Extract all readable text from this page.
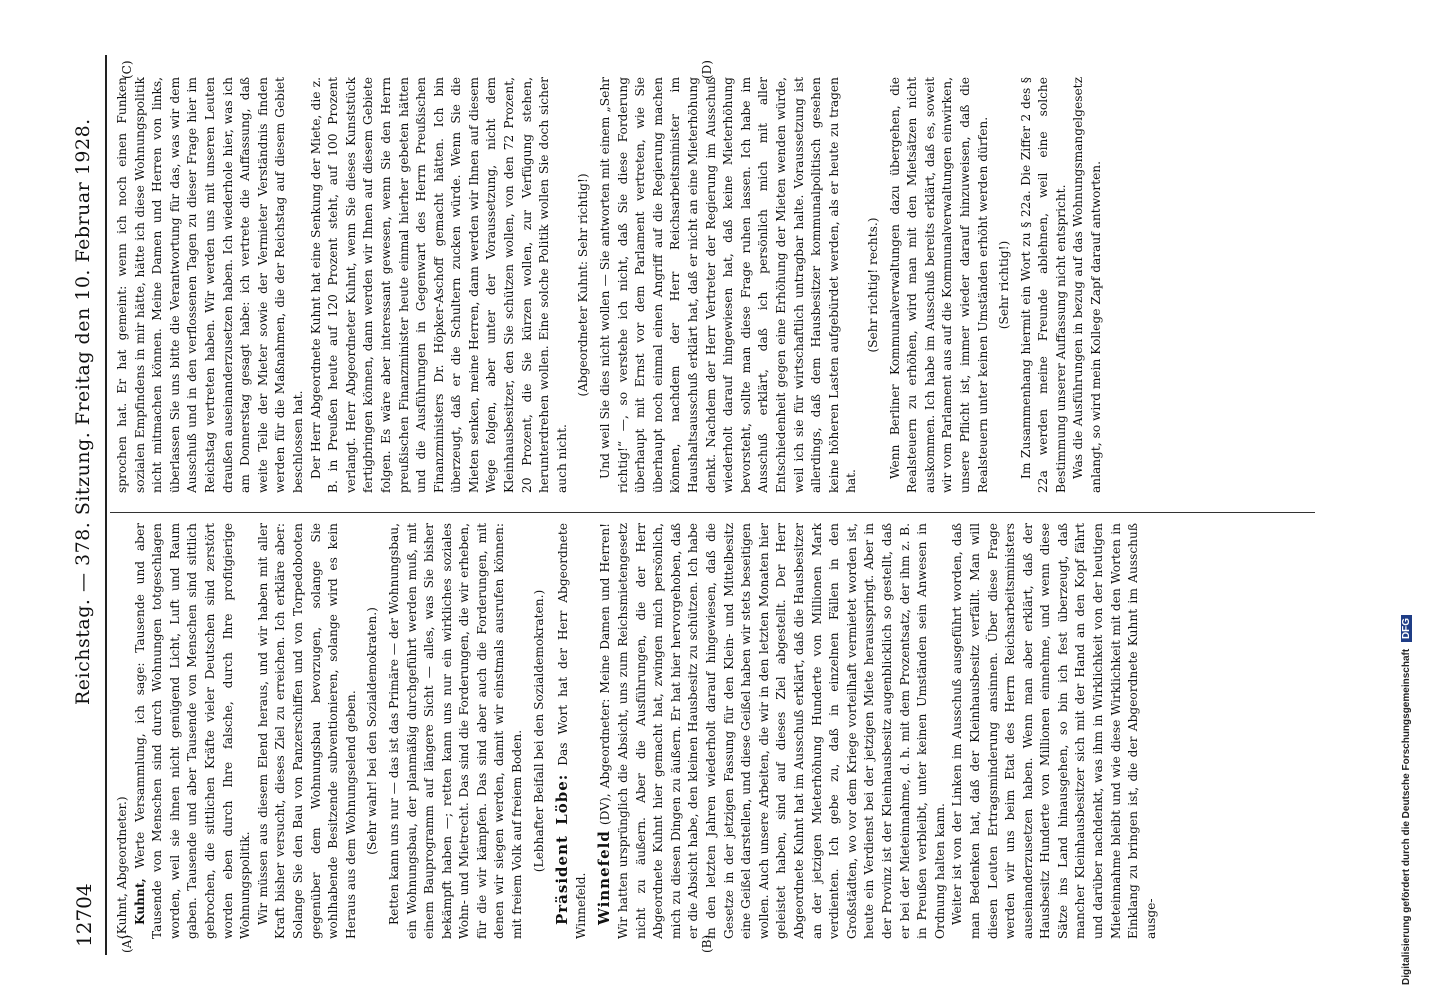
12704
Reichstag. — 378. Sitzung. Freitag den 10. Februar 1928.
(A)	(B)
(C)	(D)

(Kuhnt, Abgeordneter.) Kuhnt, Werte Versammlung, ich sage: Tausende und aber Tausende von Menschen sind durch Wohnungen totgeschlagen worden, weil sie ihnen nicht genügend Licht, Luft und Raum gaben. Tausende und aber Tausende von Menschen sind sittlich gebrochen, die sittlichen Kräfte vieler Deutschen sind zerstört worden eben durch Ihre falsche, durch Ihre profitgierige Wohnungspolitik. Wir müssen aus diesem Elend heraus, und wir haben mit aller Kraft bisher versucht, dieses Ziel zu erreichen. Ich erkläre aber: Solange Sie den Bau von Panzerschiffen und von Torpedobooten gegenüber dem Wohnungsbau bevorzugen, solange Sie wohlhabende Besitzende subventionieren, solange wird es kein Heraus aus dem Wohnungselend geben. (Sehr wahr! bei den Sozialdemokraten.) Retten kann uns nur — das ist das Primäre — der Wohnungsbau, ein Wohnungsbau, der planmäßig durchgeführt werden muß, mit einem Bauprogramm auf längere Sicht — alles, was Sie bisher bekämpft haben —; retten kann uns nur ein wirkliches soziales Wohn- und Mietrecht. Das sind die Forderungen, die wir erheben, für die wir kämpfen. Das sind aber auch die Forderungen, mit denen wir siegen werden, damit wir einstmals ausrufen können: mit freiem Volk auf freiem Boden. (Lebhafter Beifall bei den Sozialdemokraten.) Präsident Löbe: Das Wort hat der Herr Abgeordnete Winnefeld. Winnefeld (DV), Abgeordneter: Meine Damen und Herren! Wir hatten ursprünglich die Absicht, uns zum Reichsmietengesetz nicht zu äußern. Aber die Ausführungen, die der Herr Abgeordnete Kuhnt hier gemacht hat, zwingen mich persönlich, mich zu diesen Dingen zu äußern. Er hat hier hervorgehoben, daß er die Absicht habe, den kleinen Hausbesitz zu schützen. Ich habe in den letzten Jahren wiederholt darauf hingewiesen, daß die Gesetze in der jetzigen Fassung für den Klein- und Mittelbesitz eine Geißel darstellen, und diese Geißel haben wir stets beseitigen wollen. Auch unsere Arbeiten, die wir in den letzten Monaten hier geleistet haben, sind auf dieses Ziel abgestellt. Der Herr Abgeordnete Kuhnt hat im Ausschuß erklärt, daß die Hausbesitzer an der jetzigen Mieterhöhung Hunderte von Millionen Mark verdienten. Ich gebe zu, daß in einzelnen Fällen in den Großstädten, wo vor dem Kriege vorteilhaft vermietet worden ist, heute ein Verdienst bei der jetzigen Miete herausspringt. Aber in der Provinz ist der Kleinhausbesitz augenblicklich so gestellt, daß er bei der Mieteinnahme, d. h. mit dem Prozentsatz, der ihm z. B. in Preußen verbleibt, unter keinen Umständen sein Anwesen in Ordnung halten kann. Weiter ist von der Linken im Ausschuß ausgeführt worden, daß man Bedenken hat, daß der Kleinhausbesitz verfällt. Man will diesen Leuten Ertragsminderung ansinnen. Über diese Frage werden wir uns beim Etat des Herrn Reichsarbeitsministers auseinanderzusetzen haben. Wenn man aber erklärt, daß der Hausbesitz Hunderte von Millionen einnehme, und wenn diese Sätze ins Land hinausgehen, so bin ich fest überzeugt, daß mancher Kleinhausbesitzer sich mit der Hand an den Kopf fährt und darüber nachdenkt, was ihm in Wirklichkeit von der heutigen Mieteinnahme bleibt und wie diese Wirklichkeit mit den Worten in Einklang zu bringen ist, die der Abgeordnete Kuhnt im Ausschuß ausge-

sprochen hat. Er hat gemeint: wenn ich noch einen Funken sozialen Empfindens in mir hätte, hätte ich diese Wohnungspolitik nicht mitmachen können. Meine Damen und Herren von links, überlassen Sie uns bitte die Verantwortung für das, was wir dem Ausschuß und in den verflossenen Tagen zu dieser Frage hier im Reichstag vertreten haben. Wir werden uns mit unseren Leuten draußen auseinanderzusetzen haben. Ich wiederhole hier, was ich am Donnerstag gesagt habe: ich vertrete die Auffassung, daß weite Teile der Mieter sowie der Vermieter Verständnis finden werden für die Maßnahmen, die der Reichstag auf diesem Gebiet beschlossen hat. Der Herr Abgeordnete Kuhnt hat eine Senkung der Miete, die z. B. in Preußen heute auf 120 Prozent steht, auf 100 Prozent verlangt. Herr Abgeordneter Kuhnt, wenn Sie dieses Kunststück fertigbringen können, dann werden wir Ihnen auf diesem Gebiete folgen. Es wäre aber interessant gewesen, wenn Sie den Herrn preußischen Finanzminister heute einmal hierher gebeten hätten und die Ausführungen in Gegenwart des Herrn Preußischen Finanzministers Dr. Höpker-Aschoff gemacht hätten. Ich bin überzeugt, daß er die Schultern zucken würde. Wenn Sie die Mieten senken, meine Herren, dann werden wir Ihnen auf diesem Wege folgen, aber unter der Voraussetzung, nicht dem Kleinhausbesitzer, den Sie schützen wollen, von den 72 Prozent, 20 Prozent, die Sie kürzen wollen, zur Verfügung stehen, herunterdrehen wollen. Eine solche Politik wollen Sie doch sicher auch nicht.

(Abgeordneter Kuhnt: Sehr richtig!) Und weil Sie dies nicht wollen — Sie antworten mit einem „Sehr richtig!“ —, so verstehe ich nicht, daß Sie diese Forderung überhaupt mit Ernst vor dem Parlament vertreten, wie Sie überhaupt noch einmal einen Angriff auf die Regierung machen können, nachdem der Herr Reichsarbeitsminister im Haushaltsausschuß erklärt hat, daß er nicht an eine Mieterhöhung denkt. Nachdem der Herr Vertreter der Regierung im Ausschuß wiederholt darauf hingewiesen hat, daß keine Mieterhöhung bevorsteht, sollte man diese Frage ruhen lassen. Ich habe im Ausschuß erklärt, daß ich persönlich mich mit aller Entschiedenheit gegen eine Erhöhung der Mieten wenden würde, weil ich sie für wirtschaftlich untragbar halte. Voraussetzung ist allerdings, daß dem Hausbesitzer kommunalpolitisch gesehen keine höheren Lasten aufgebürdet werden, als er heute zu tragen hat.

(Sehr richtig! rechts.) Wenn Berliner Kommunalverwaltungen dazu übergehen, die Realsteuern zu erhöhen, wird man mit den Mietsätzen nicht auskommen. Ich habe im Ausschuß bereits erklärt, daß es, soweit wir vom Parlament aus auf die Kommunalverwaltungen einwirken, unsere Pflicht ist, immer wieder darauf hinzuweisen, daß die Realsteuern unter keinen Umständen erhöht werden dürfen. (Sehr richtig!) Im Zusammenhang hiermit ein Wort zu § 22a. Die Ziffer 2 des § 22a werden meine Freunde ablehnen, weil eine solche Bestimmung unserer Auffassung nicht entspricht. Was die Ausführungen in bezug auf das Wohnungsmangelgesetz anlangt, so wird mein Kollege Zapf darauf antworten.

Digitalisierung gefördert durch die Deutsche Forschungsgemeinschaft DFG
